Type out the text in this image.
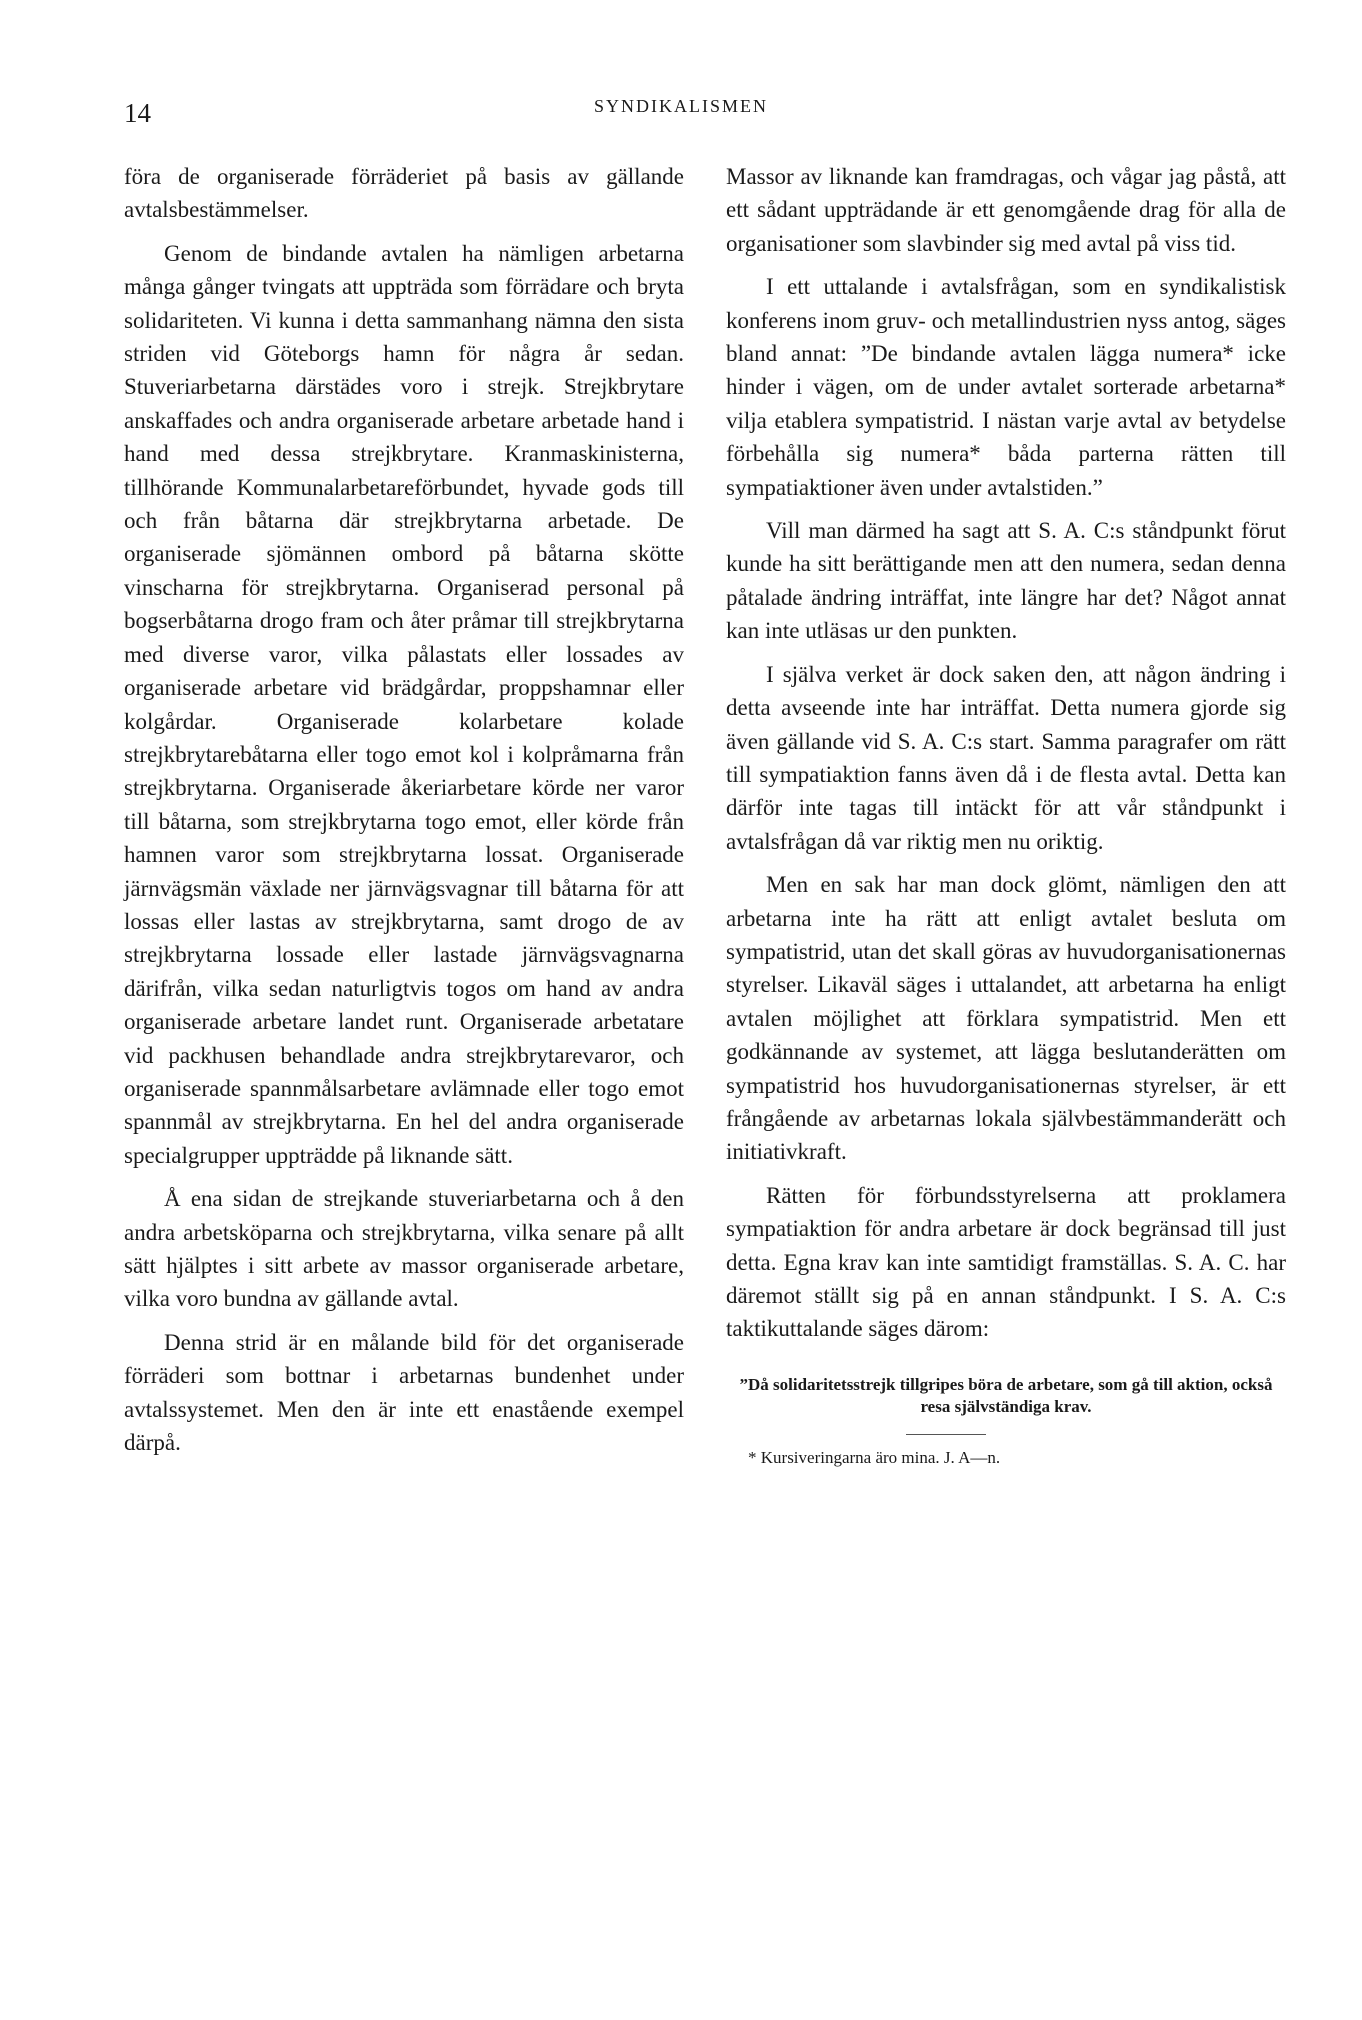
14	SYNDIKALISMEN

föra de organiserade förräderiet på basis av gällande avtalsbestämmelser.

Genom de bindande avtalen ha nämligen arbetarna många gånger tvingats att uppträda som förrädare och bryta solidariteten. Vi kunna i detta sammanhang nämna den sista striden vid Göteborgs hamn för några år sedan. Stuveriarbetarna därstädes voro i strejk. Strejkbrytare anskaffades och andra organiserade arbetare arbetade hand i hand med dessa strejkbrytare. Kranmaskinisterna, tillhörande Kommunalarbetareförbundet, hyvade gods till och från båtarna där strejkbrytarna arbetade. De organiserade sjömännen ombord på båtarna skötte vinscharna för strejkbrytarna. Organiserad personal på bogserbåtarna drogo fram och åter pråmar till strejkbrytarna med diverse varor, vilka pålastats eller lossades av organiserade arbetare vid brädgårdar, proppshamnar eller kolgårdar. Organiserade kolarbetare kolade strejkbrytarebåtarna eller togo emot kol i kolpråmarna från strejkbrytarna. Organiserade åkeriarbetare körde ner varor till båtarna, som strejkbrytarna togo emot, eller körde från hamnen varor som strejkbrytarna lossat. Organiserade järnvägsmän växlade ner järnvägsvagnar till båtarna för att lossas eller lastas av strejkbrytarna, samt drogo de av strejkbrytarna lossade eller lastade järnvägsvagnarna därifrån, vilka sedan naturligtvis togos om hand av andra organiserade arbetare landet runt. Organiserade arbetatare vid packhusen behandlade andra strejkbrytarevaror, och organiserade spannmålsarbetare avlämnade eller togo emot spannmål av strejkbrytarna. En hel del andra organiserade specialgrupper uppträdde på liknande sätt.

Å ena sidan de strejkande stuveriarbetarna och å den andra arbetsköparna och strejkbrytarna, vilka senare på allt sätt hjälptes i sitt arbete av massor organiserade arbetare, vilka voro bundna av gällande avtal.

Denna strid är en målande bild för det organiserade förräderi som bottnar i arbetarnas bundenhet under avtalssystemet. Men den är inte ett enastående exempel därpå.

Massor av liknande kan framdragas, och vågar jag påstå, att ett sådant uppträdande är ett genomgående drag för alla de organisationer som slavbinder sig med avtal på viss tid.

I ett uttalande i avtalsfrågan, som en syndikalistisk konferens inom gruv- och metallindustrien nyss antog, säges bland annat: ”De bindande avtalen lägga numera* icke hinder i vägen, om de under avtalet sorterade arbetarna* vilja etablera sympatistrid. I nästan varje avtal av betydelse förbehålla sig numera* båda parterna rätten till sympatiaktioner även under avtalstiden.”

Vill man därmed ha sagt att S. A. C:s ståndpunkt förut kunde ha sitt berättigande men att den numera, sedan denna påtalade ändring inträffat, inte längre har det? Något annat kan inte utläsas ur den punkten.

I själva verket är dock saken den, att någon ändring i detta avseende inte har inträffat. Detta numera gjorde sig även gällande vid S. A. C:s start. Samma paragrafer om rätt till sympatiaktion fanns även då i de flesta avtal. Detta kan därför inte tagas till intäckt för att vår ståndpunkt i avtalsfrågan då var riktig men nu oriktig.

Men en sak har man dock glömt, nämligen den att arbetarna inte ha rätt att enligt avtalet besluta om sympatistrid, utan det skall göras av huvudorganisationernas styrelser. Likaväl säges i uttalandet, att arbetarna ha enligt avtalen möjlighet att förklara sympatistrid. Men ett godkännande av systemet, att lägga beslutanderätten om sympatistrid hos huvudorganisationernas styrelser, är ett frångående av arbetarnas lokala självbestämmanderätt och initiativkraft.

Rätten för förbundsstyrelserna att proklamera sympatiaktion för andra arbetare är dock begränsad till just detta. Egna krav kan inte samtidigt framställas. S. A. C. har däremot ställt sig på en annan ståndpunkt. I S. A. C:s taktikuttalande säges därom:

”Då solidaritetsstrejk tillgripes böra de arbetare, som gå till aktion, också resa självständiga krav.
* Kursiveringarna äro mina. J. A—n.
